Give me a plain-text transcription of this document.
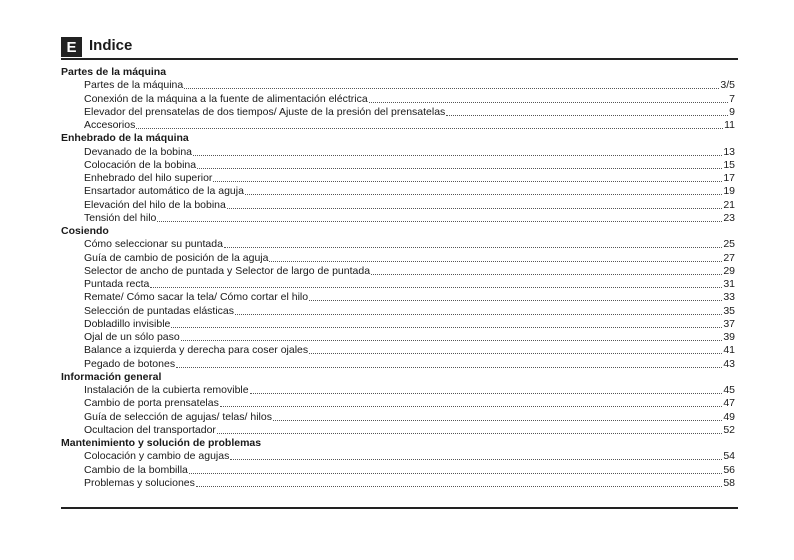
E Indice
Partes de la máquina
Partes de la máquina	3/5
Conexión de la máquina a la fuente de alimentación eléctrica	7
Elevador del prensatelas de dos tiempos/ Ajuste de la presión del prensatelas	9
Accesorios	11
Enhebrado de la máquina
Devanado de la bobina	13
Colocación de la bobina	15
Enhebrado del hilo superior	17
Ensartador automático de la aguja	19
Elevación del hilo de la bobina	21
Tensión del hilo	23
Cosiendo
Cómo seleccionar su puntada	25
Guía de cambio de posición de la aguja	27
Selector de ancho de puntada y Selector de largo de puntada	29
Puntada recta	31
Remate/ Cómo sacar la tela/ Cómo cortar el hilo	33
Selección de puntadas elásticas	35
Dobladillo invisible	37
Ojal de un sólo paso	39
Balance a izquierda y derecha para coser ojales	41
Pegado de botones	43
Información general
Instalación de la cubierta removible	45
Cambio de porta prensatelas	47
Guía de selección de agujas/ telas/ hilos	49
Ocultacion del transportador	52
Mantenimiento y solución de problemas
Colocación y cambio de agujas	54
Cambio de la bombilla	56
Problemas y soluciones	58
